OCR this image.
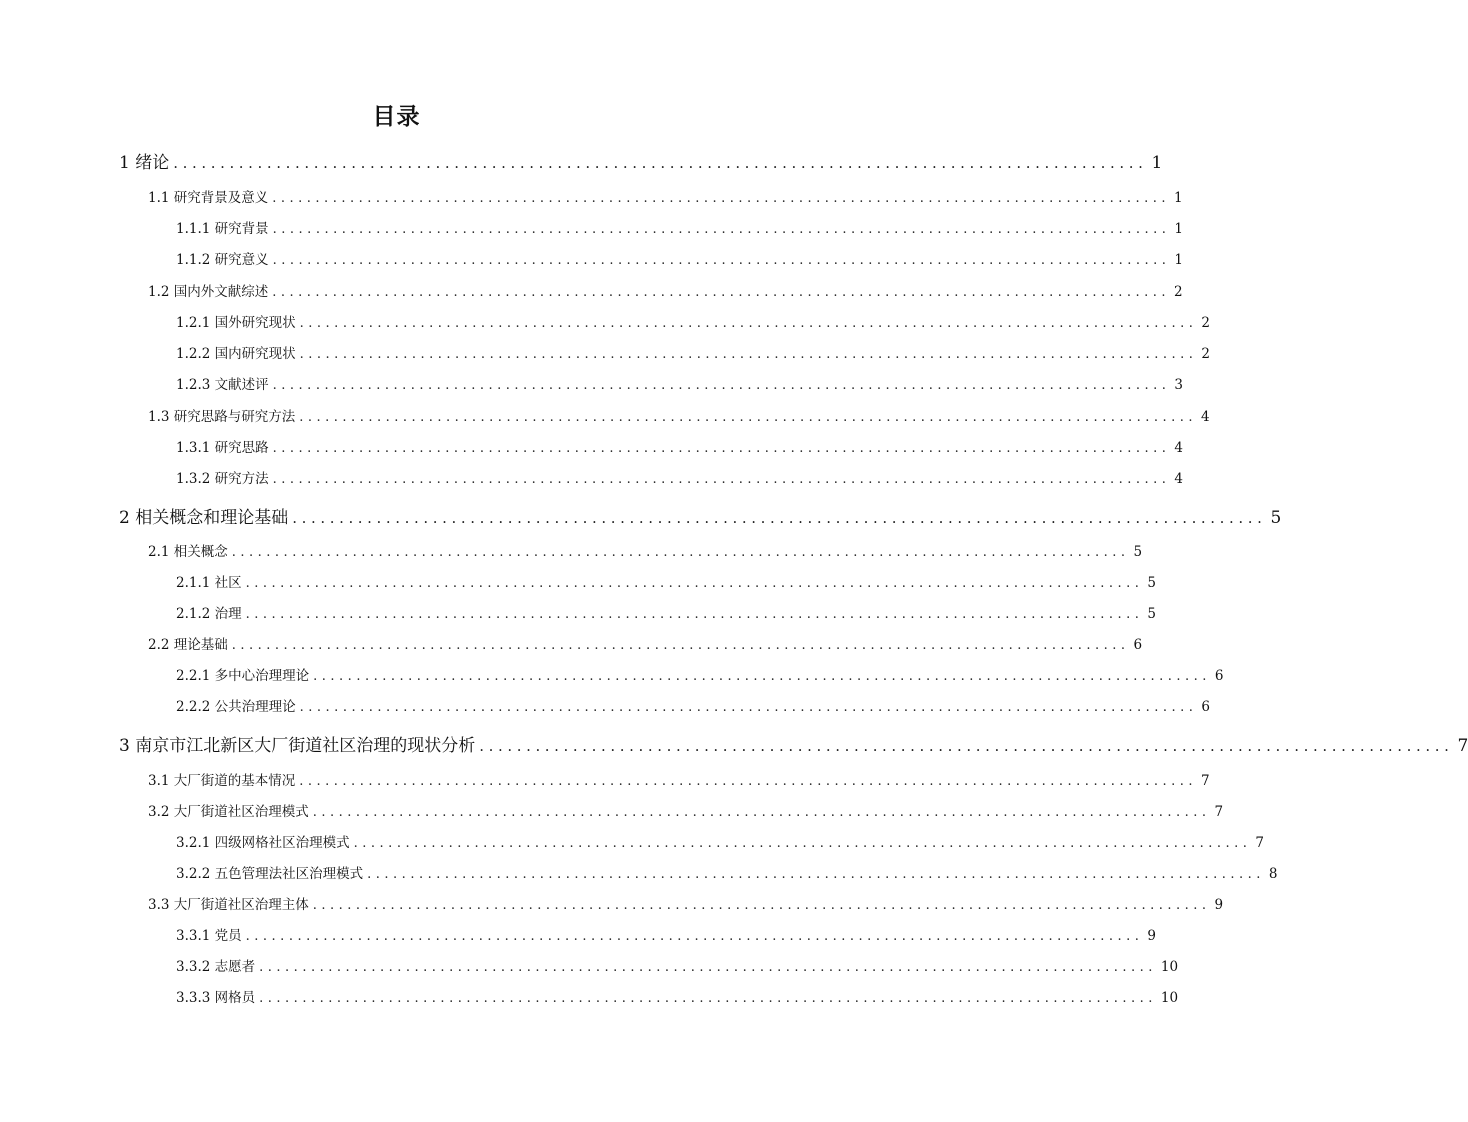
目录
1 绪论 ........................................................................................................ 1
1.1 研究背景及意义 ........................................................................................................ 1
1.1.1 研究背景 ........................................................................................................ 1
1.1.2 研究意义 ........................................................................................................ 1
1.2 国内外文献综述 ........................................................................................................ 2
1.2.1 国外研究现状 ........................................................................................................ 2
1.2.2 国内研究现状 ........................................................................................................ 2
1.2.3 文献述评 ........................................................................................................ 3
1.3 研究思路与研究方法 ........................................................................................................ 4
1.3.1 研究思路 ........................................................................................................ 4
1.3.2 研究方法 ........................................................................................................ 4
2 相关概念和理论基础 ........................................................................................................ 5
2.1 相关概念 ........................................................................................................ 5
2.1.1 社区 ........................................................................................................ 5
2.1.2 治理 ........................................................................................................ 5
2.2 理论基础 ........................................................................................................ 6
2.2.1 多中心治理理论 ........................................................................................................ 6
2.2.2 公共治理理论 ........................................................................................................ 6
3 南京市江北新区大厂街道社区治理的现状分析 ........................................................................................................ 7
3.1 大厂街道的基本情况 ........................................................................................................ 7
3.2 大厂街道社区治理模式 ........................................................................................................ 7
3.2.1 四级网格社区治理模式 ........................................................................................................ 7
3.2.2 五色管理法社区治理模式 ........................................................................................................ 8
3.3 大厂街道社区治理主体 ........................................................................................................ 9
3.3.1 党员 ........................................................................................................ 9
3.3.2 志愿者 ........................................................................................................ 10
3.3.3 网格员 ........................................................................................................ 10
